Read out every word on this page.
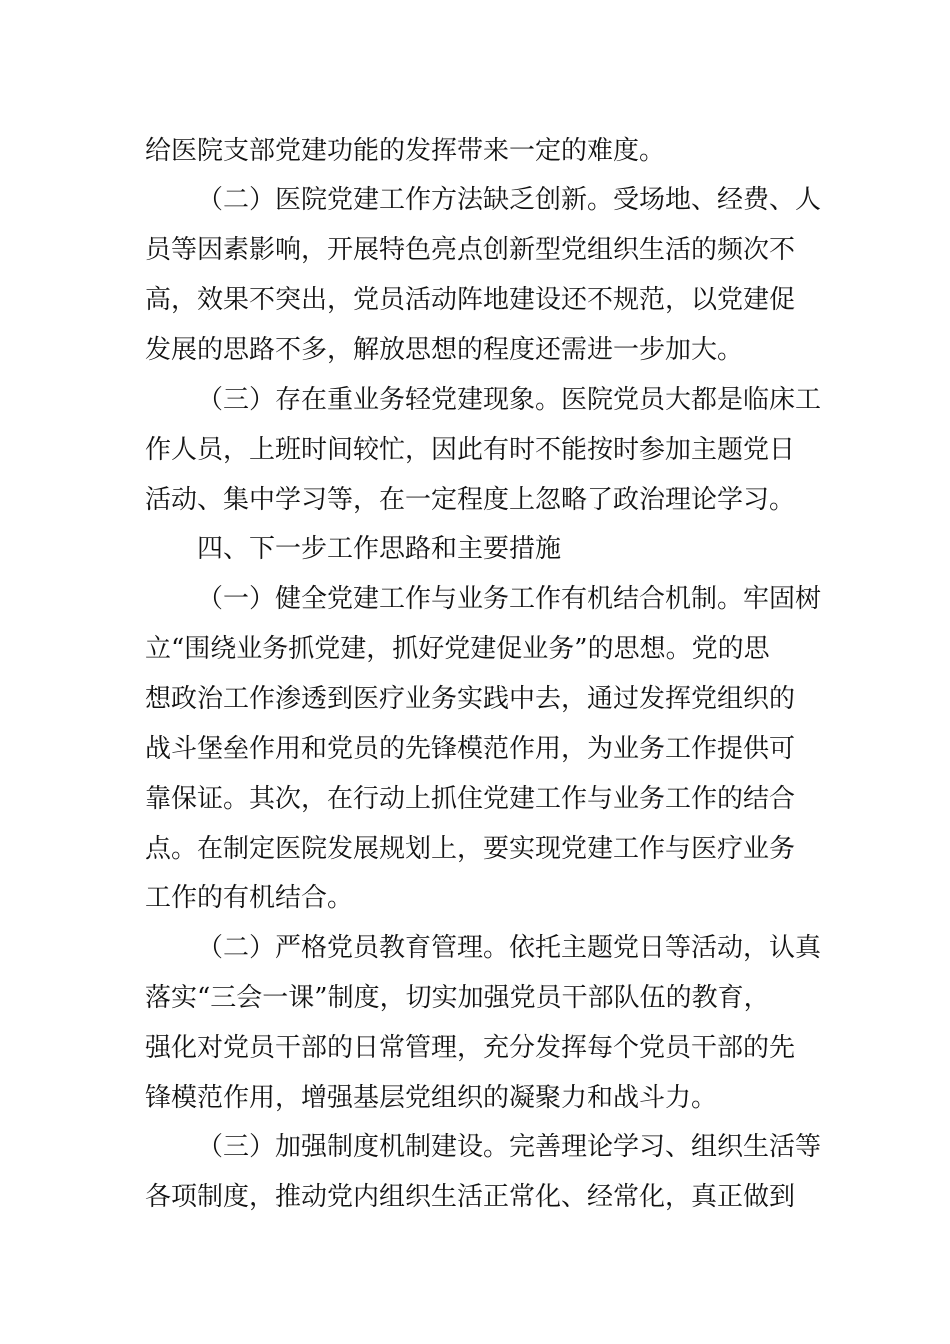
给医院支部党建功能的发挥带来一定的难度。
（二）医院党建工作方法缺乏创新。受场地、经费、人
员等因素影响，开展特色亮点创新型党组织生活的频次不
高，效果不突出，党员活动阵地建设还不规范，以党建促
发展的思路不多，解放思想的程度还需进一步加大。
（三）存在重业务轻党建现象。医院党员大都是临床工
作人员，上班时间较忙，因此有时不能按时参加主题党日
活动、集中学习等，在一定程度上忽略了政治理论学习。
四、下一步工作思路和主要措施
（一）健全党建工作与业务工作有机结合机制。牢固树
立“围绕业务抓党建，抓好党建促业务”的思想。党的思
想政治工作渗透到医疗业务实践中去，通过发挥党组织的
战斗堡垒作用和党员的先锋模范作用，为业务工作提供可
靠保证。其次，在行动上抓住党建工作与业务工作的结合
点。在制定医院发展规划上，要实现党建工作与医疗业务
工作的有机结合。
（二）严格党员教育管理。依托主题党日等活动，认真
落实“三会一课”制度，切实加强党员干部队伍的教育，
强化对党员干部的日常管理，充分发挥每个党员干部的先
锋模范作用，增强基层党组织的凝聚力和战斗力。
（三）加强制度机制建设。完善理论学习、组织生活等
各项制度，推动党内组织生活正常化、经常化，真正做到
